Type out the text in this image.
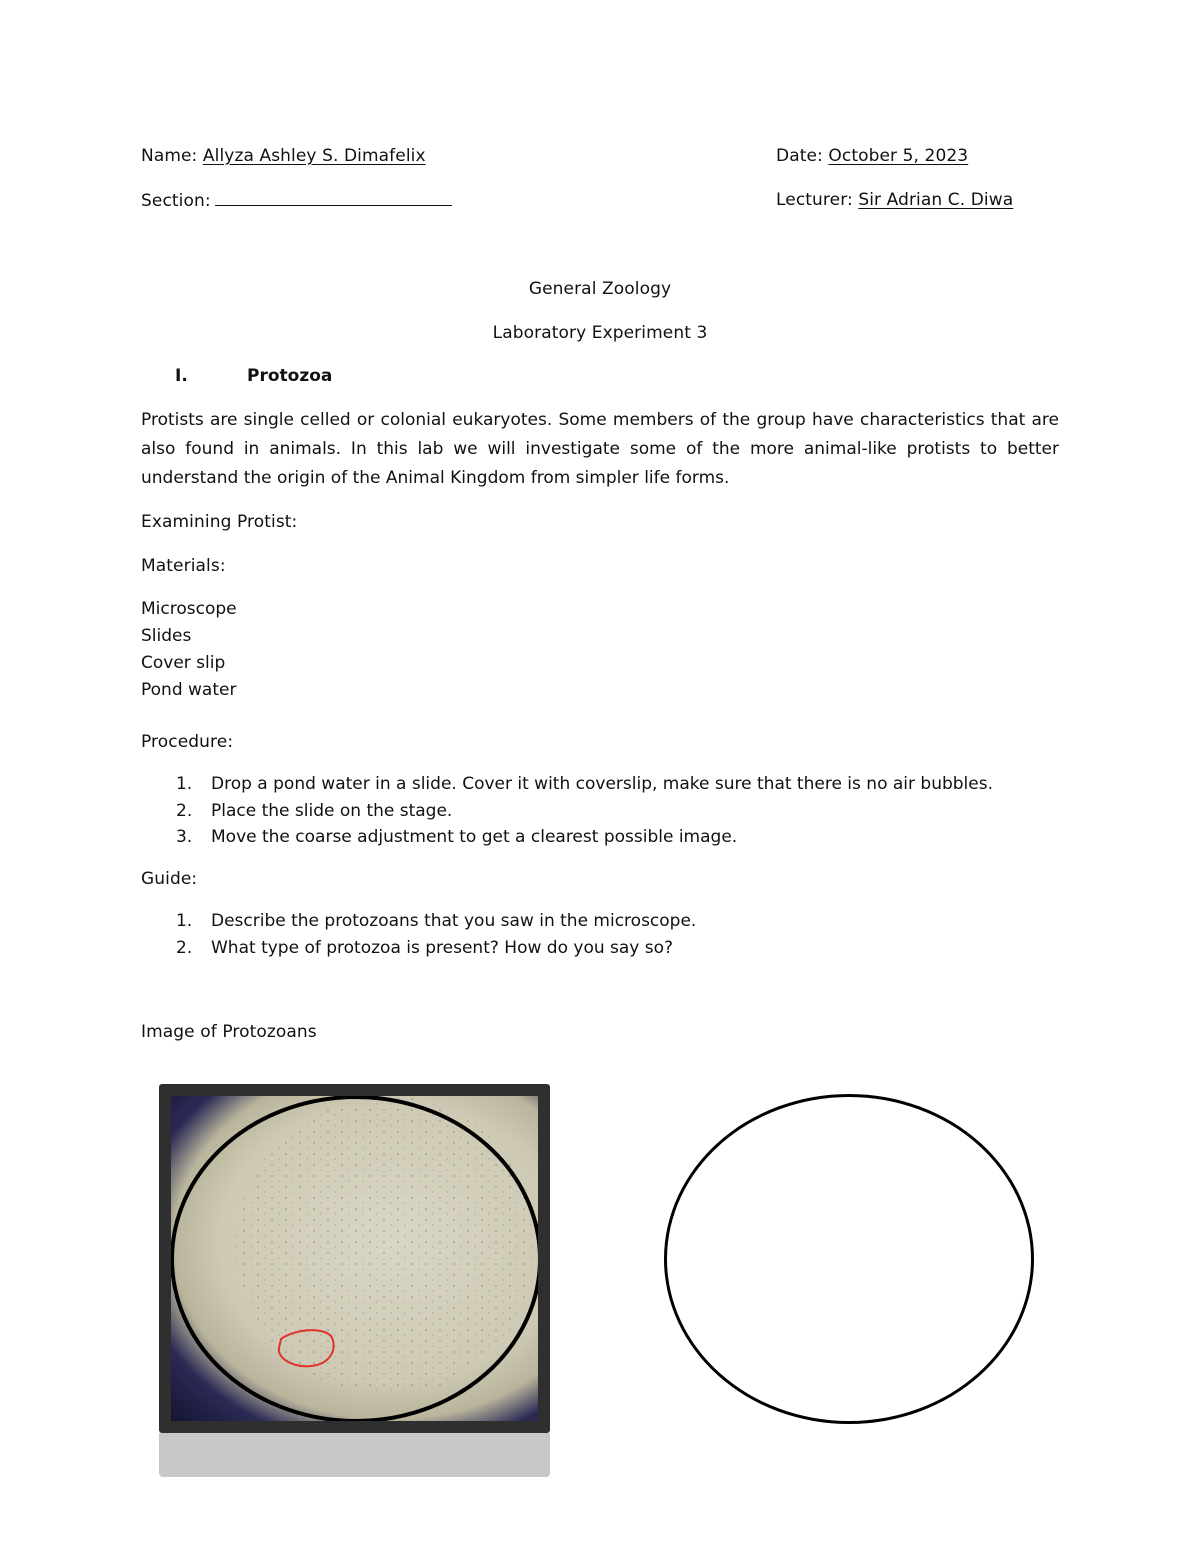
Name: Allyza Ashley S. Dimafelix	Date: October 5, 2023
Section:	Lecturer: Sir Adrian C. Diwa
General Zoology
Laboratory Experiment 3
I.	Protozoa
Protists are single celled or colonial eukaryotes. Some members of the group have characteristics that are also found in animals. In this lab we will investigate some of the more animal-like protists to better understand the origin of the Animal Kingdom from simpler life forms.
Examining Protist:
Materials:
Microscope
Slides
Cover slip
Pond water
Procedure:
1.	Drop a pond water in a slide. Cover it with coverslip, make sure that there is no air bubbles.
2.	Place the slide on the stage.
3.	Move the coarse adjustment to get a clearest possible image.
Guide:
1.	Describe the protozoans that you saw in the microscope.
2.	What type of protozoa is present? How do you say so?
Image of Protozoans
